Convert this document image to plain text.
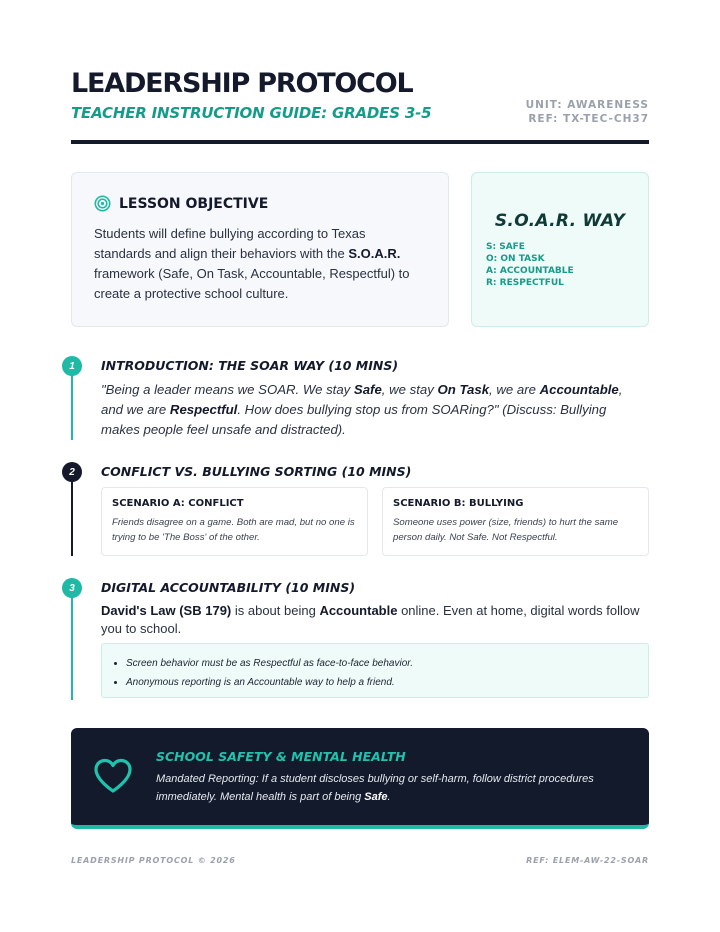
LEADERSHIP PROTOCOL
TEACHER INSTRUCTION GUIDE: GRADES 3-5	UNIT: AWARENESS
REF: TX-TEC-CH37
LESSON OBJECTIVE
Students will define bullying according to Texas standards and align their behaviors with the S.O.A.R. framework (Safe, On Task, Accountable, Respectful) to create a protective school culture.
S.O.A.R. WAY
S: SAFE
O: ON TASK
A: ACCOUNTABLE
R: RESPECTFUL
1	INTRODUCTION: THE SOAR WAY (10 MINS)
"Being a leader means we SOAR. We stay Safe, we stay On Task, we are Accountable, and we are Respectful. How does bullying stop us from SOARing?" (Discuss: Bullying makes people feel unsafe and distracted).
2	CONFLICT VS. BULLYING SORTING (10 MINS)
SCENARIO A: CONFLICT
Friends disagree on a game. Both are mad, but no one is trying to be 'The Boss' of the other.
SCENARIO B: BULLYING
Someone uses power (size, friends) to hurt the same person daily. Not Safe. Not Respectful.
3	DIGITAL ACCOUNTABILITY (10 MINS)
David's Law (SB 179) is about being Accountable online. Even at home, digital words follow you to school.
• Screen behavior must be as Respectful as face-to-face behavior.
• Anonymous reporting is an Accountable way to help a friend.
SCHOOL SAFETY & MENTAL HEALTH
Mandated Reporting: If a student discloses bullying or self-harm, follow district procedures immediately. Mental health is part of being Safe.
LEADERSHIP PROTOCOL © 2026	REF: ELEM-AW-22-SOAR
